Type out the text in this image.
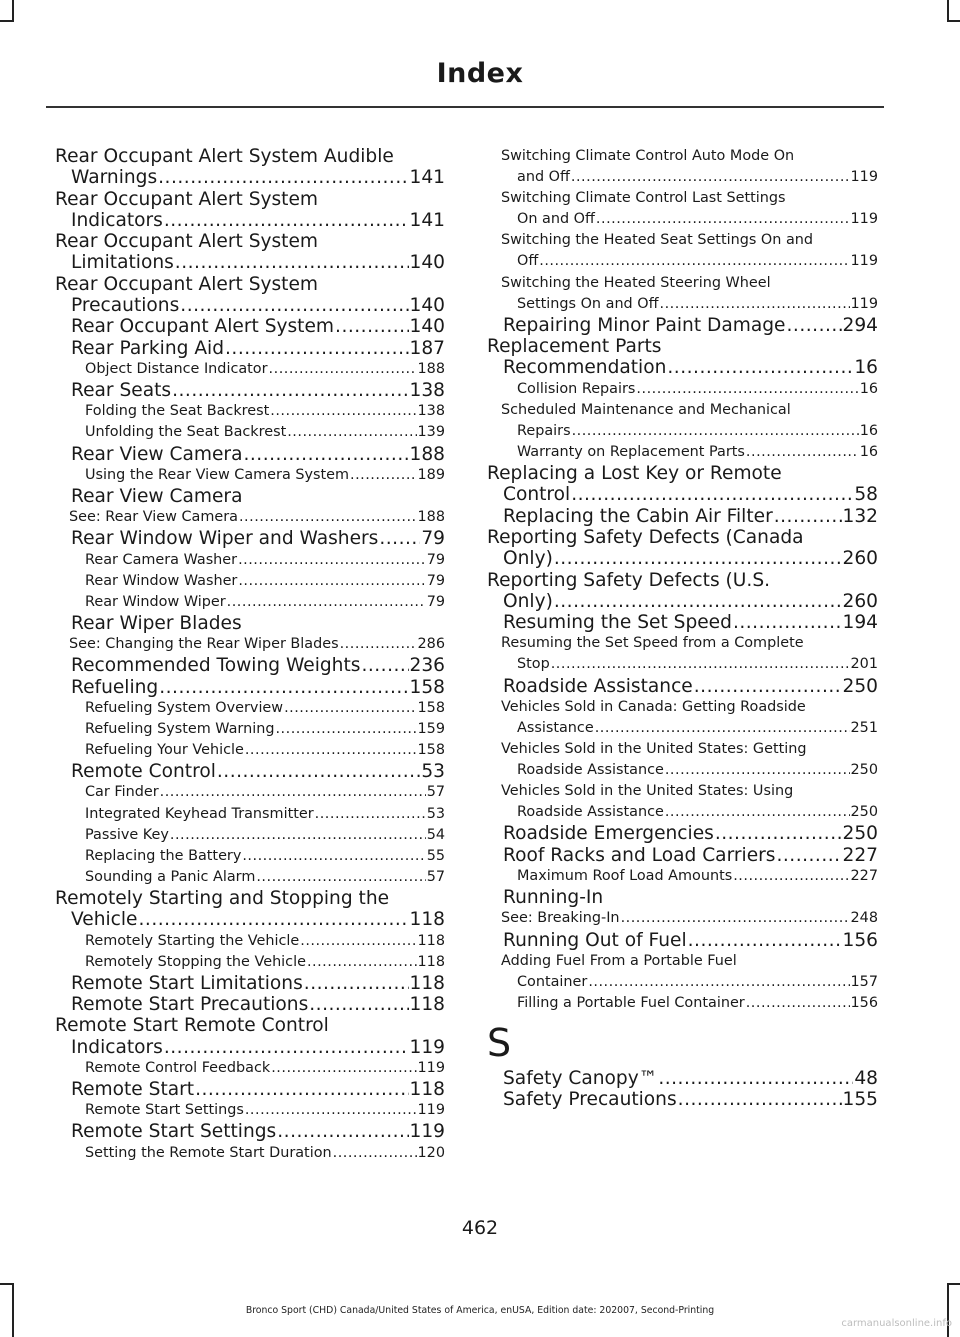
Index
Rear Occupant Alert System Audible
Warnings .....	141
Rear Occupant Alert System
Indicators .....	141
Rear Occupant Alert System
Limitations .....	140
Rear Occupant Alert System
Precautions .....	140
Rear Occupant Alert System .....	140
Rear Parking Aid .....	187
Object Distance Indicator .....	188
Rear Seats .....	138
Folding the Seat Backrest .....	138
Unfolding the Seat Backrest .....	139
Rear View Camera .....	188
Using the Rear View Camera System .....	189
Rear View Camera
See: Rear View Camera .....	188
Rear Window Wiper and Washers ..... 79
Rear Camera Washer .....	79
Rear Window Washer .....	79
Rear Window Wiper .....	79
Rear Wiper Blades
See: Changing the Rear Wiper Blades .....	286
Recommended Towing Weights .....	236
Refueling .....	158
Refueling System Overview .....	158
Refueling System Warning .....	159
Refueling Your Vehicle .....	158
Remote Control .....	53
Car Finder .....	57
Integrated Keyhead Transmitter .....	53
Passive Key .....	54
Replacing the Battery .....	55
Sounding a Panic Alarm .....	57
Remotely Starting and Stopping the
Vehicle .....	118
Remotely Starting the Vehicle .....	118
Remotely Stopping the Vehicle .....	118
Remote Start Limitations .....	118
Remote Start Precautions .....	118
Remote Start Remote Control
Indicators .....	119
Remote Control Feedback .....	119
Remote Start .....	118
Remote Start Settings .....	119
Remote Start Settings .....	119
Setting the Remote Start Duration .....	120
Switching Climate Control Auto Mode On
and Off .....	119
Switching Climate Control Last Settings
On and Off .....	119
Switching the Heated Seat Settings On and
Off .....	119
Switching the Heated Steering Wheel
Settings On and Off .....	119
Repairing Minor Paint Damage .....	294
Replacement Parts
Recommendation .....	16
Collision Repairs .....	16
Scheduled Maintenance and Mechanical
Repairs .....	16
Warranty on Replacement Parts .....	16
Replacing a Lost Key or Remote
Control .....	58
Replacing the Cabin Air Filter .....	132
Reporting Safety Defects (Canada
Only) .....	260
Reporting Safety Defects (U.S.
Only) .....	260
Resuming the Set Speed .....	194
Resuming the Set Speed from a Complete
Stop .....	201
Roadside Assistance .....	250
Vehicles Sold in Canada: Getting Roadside
Assistance .....	251
Vehicles Sold in the United States: Getting
Roadside Assistance .....	250
Vehicles Sold in the United States: Using
Roadside Assistance .....	250
Roadside Emergencies .....	250
Roof Racks and Load Carriers .....	227
Maximum Roof Load Amounts .....	227
Running-In
See: Breaking-In .....	248
Running Out of Fuel .....	156
Adding Fuel From a Portable Fuel
Container .....	157
Filling a Portable Fuel Container .....	156
S
Safety Canopy™ .....	48
Safety Precautions .....	155
462
Bronco Sport (CHD) Canada/United States of America, enUSA, Edition date: 202007, Second-Printing
carmanualsonline.info
